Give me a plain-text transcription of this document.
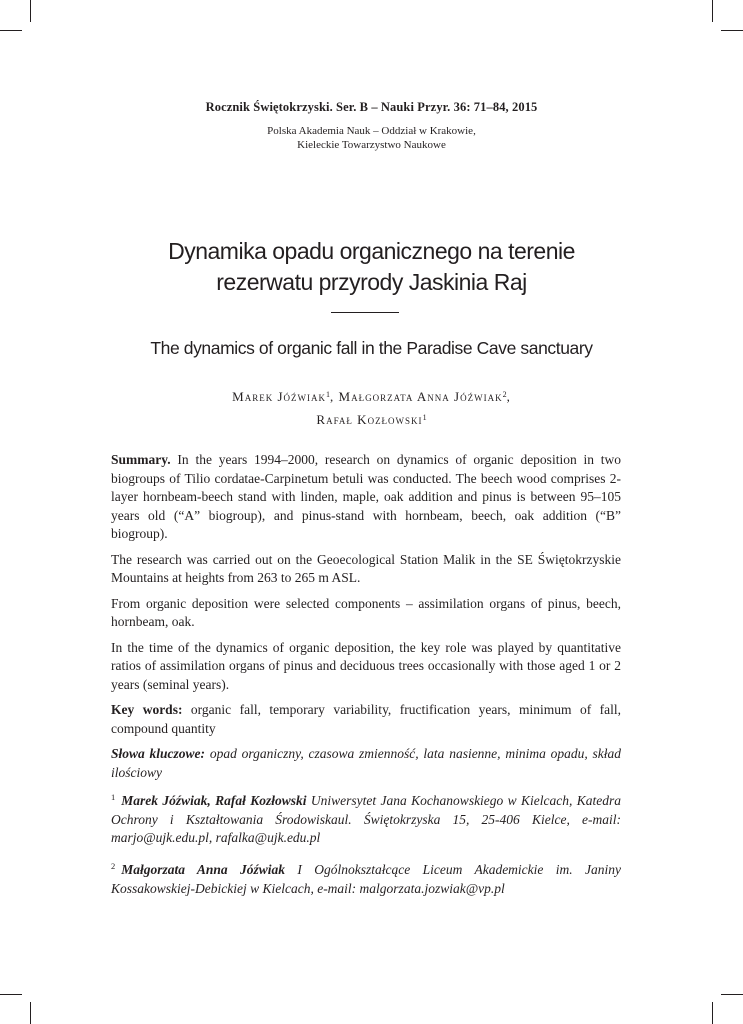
Rocznik Świętokrzyski. Ser. B – Nauki Przyr. 36: 71–84, 2015
Polska Akademia Nauk – Oddział w Krakowie,
Kieleckie Towarzystwo Naukowe
Dynamika opadu organicznego na terenie
rezerwatu przyrody Jaskinia Raj
The dynamics of organic fall in the Paradise Cave sanctuary
Marek Jóźwiak$^1$, Małgorzata Anna Jóźwiak$^2$,
Rafał Kozłowski$^1$

Summary. In the years 1994–2000, research on dynamics of organic deposition in two biogroups of Tilio cordatae-Carpinetum betuli was conducted. The beech wood comprises 2-layer hornbeam-beech stand with linden, maple, oak addition and pinus is between 95–105 years old (“A” biogroup), and pinus-stand with hornbeam, beech, oak addition (“B” biogroup).

The research was carried out on the Geoecological Station Malik in the SE Świętokrzyskie Mountains at heights from 263 to 265 m ASL.

From organic deposition were selected components – assimilation organs of pinus, beech, hornbeam, oak.

In the time of the dynamics of organic deposition, the key role was played by quantitative ratios of assimilation organs of pinus and deciduous trees occasionally with those aged 1 or 2 years (seminal years).

Key words: organic fall, temporary variability, fructification years, minimum of fall, compound quantity

Słowa kluczowe: opad organiczny, czasowa zmienność, lata nasienne, minima opadu, skład ilościowy

$^1$ Marek Jóźwiak, Rafał Kozłowski Uniwersytet Jana Kochanowskiego w Kielcach, Katedra Ochrony i Kształtowania Środowiskaul. Świętokrzyska 15, 25-406 Kielce, e-mail: marjo@ujk.edu.pl, rafalka@ujk.edu.pl
$^2$ Małgorzata Anna Jóźwiak I Ogólnokształcące Liceum Akademickie im. Janiny Kossakowskiej-Debickiej w Kielcach, e-mail: malgorzata.jozwiak@vp.pl
